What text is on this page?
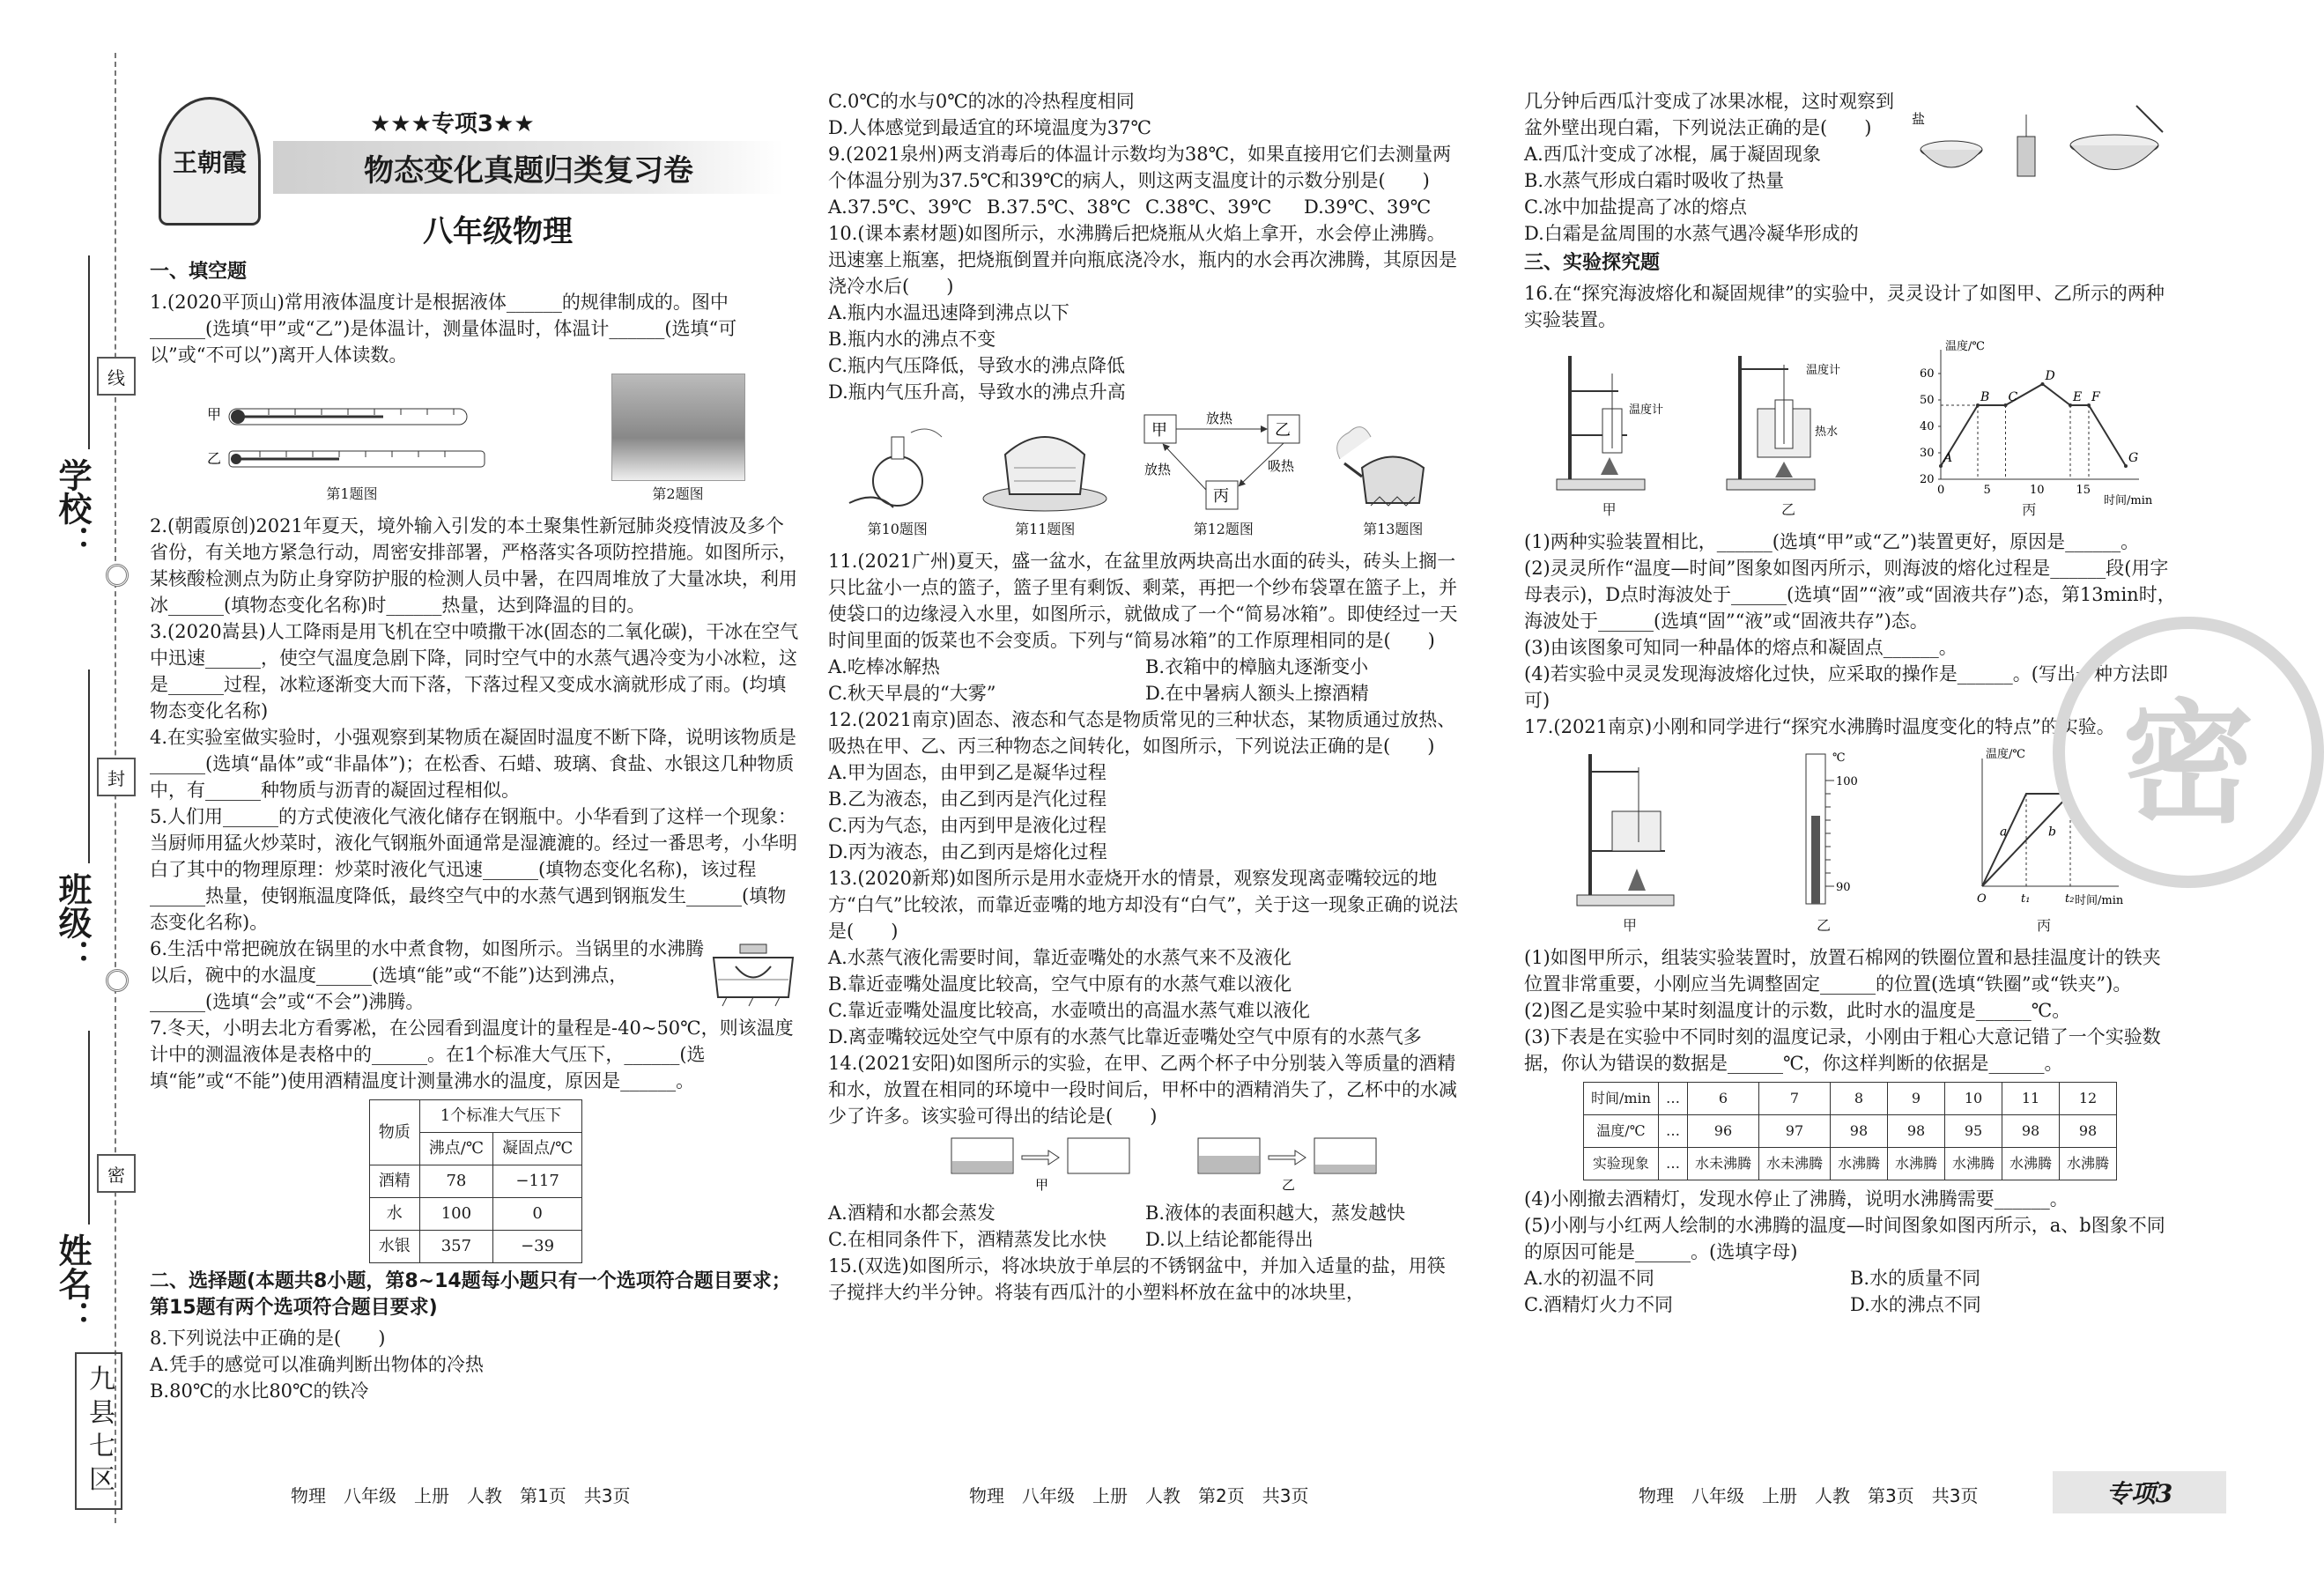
学校：
班级：
姓名：
线
封
密
九县七区
王朝霞
★★★专项3★★
物态变化真题归类复习卷
八年级物理
一、填空题

1.(2020平顶山)常用液体温度计是根据液体______的规律制成的。图中______(选填“甲”或“乙”)是体温计，测量体温时，体温计______(选填“可以”或“不可以”)离开人体读数。

甲
乙
第1题图	第2题图

2.(朝霞原创)2021年夏天，境外输入引发的本土聚集性新冠肺炎疫情波及多个省份，有关地方紧急行动，周密安排部署，严格落实各项防控措施。如图所示，某核酸检测点为防止身穿防护服的检测人员中暑，在四周堆放了大量冰块，利用冰______(填物态变化名称)时______热量，达到降温的目的。

3.(2020嵩县)人工降雨是用飞机在空中喷撒干冰(固态的二氧化碳)，干冰在空气中迅速______，使空气温度急剧下降，同时空气中的水蒸气遇冷变为小冰粒，这是______过程，冰粒逐渐变大而下落，下落过程又变成水滴就形成了雨。(均填物态变化名称)

4.在实验室做实验时，小强观察到某物质在凝固时温度不断下降，说明该物质是______(选填“晶体”或“非晶体”)；在松香、石蜡、玻璃、食盐、水银这几种物质中，有______种物质与沥青的凝固过程相似。

5.人们用______的方式使液化气液化储存在钢瓶中。小华看到了这样一个现象：当厨师用猛火炒菜时，液化气钢瓶外面通常是湿漉漉的。经过一番思考，小华明白了其中的物理原理：炒菜时液化气迅速______(填物态变化名称)，该过程______热量，使钢瓶温度降低，最终空气中的水蒸气遇到钢瓶发生______(填物态变化名称)。

6.生活中常把碗放在锅里的水中煮食物，如图所示。当锅里的水沸腾以后，碗中的水温度______(选填“能”或“不能”)达到沸点，______(选填“会”或“不会”)沸腾。

7.冬天，小明去北方看雾凇，在公园看到温度计的量程是-40~50℃，则该温度计中的测温液体是表格中的______。在1个标准大气压下，______(选填“能”或“不能”)使用酒精温度计测量沸水的温度，原因是______。

物质	1个标准大气压下	
	沸点/℃	凝固点/℃
酒精	78	−117
水	100	0
水银	357	−39
二、选择题(本题共8小题，第8~14题每小题只有一个选项符合题目要求；第15题有两个选项符合题目要求)

8.下列说法中正确的是(　　)

A.凭手的感觉可以准确判断出物体的冷热

B.80℃的水比80℃的铁冷

C.0℃的水与0℃的冰的冷热程度相同

D.人体感觉到最适宜的环境温度为37℃

9.(2021泉州)两支消毒后的体温计示数均为38℃，如果直接用它们去测量两个体温分别为37.5℃和39℃的病人，则这两支温度计的示数分别是(　　)

A.37.5℃、39℃ B.37.5℃、38℃ C.38℃、39℃	D.39℃、39℃

10.(课本素材题)如图所示，水沸腾后把烧瓶从火焰上拿开，水会停止沸腾。迅速塞上瓶塞，把烧瓶倒置并向瓶底浇冷水，瓶内的水会再次沸腾，其原因是浇冷水后(　　)

A.瓶内水温迅速降到沸点以下

B.瓶内水的沸点不变

C.瓶内气压降低，导致水的沸点降低

D.瓶内气压升高，导致水的沸点升高

第10题图	第11题图
甲	乙
丙
放热
吸热
放热
第12题图	第13题图

11.(2021广州)夏天，盛一盆水，在盆里放两块高出水面的砖头，砖头上搁一只比盆小一点的篮子，篮子里有剩饭、剩菜，再把一个纱布袋罩在篮子上，并使袋口的边缘浸入水里，如图所示，就做成了一个“简易冰箱”。即使经过一天时间里面的饭菜也不会变质。下列与“简易冰箱”的工作原理相同的是(　　)

A.吃棒冰解热	B.衣箱中的樟脑丸逐渐变小
C.秋天早晨的“大雾”	D.在中暑病人额头上擦酒精

12.(2021南京)固态、液态和气态是物质常见的三种状态，某物质通过放热、吸热在甲、乙、丙三种物态之间转化，如图所示，下列说法正确的是(　　)

A.甲为固态，由甲到乙是凝华过程

B.乙为液态，由乙到丙是汽化过程

C.丙为气态，由丙到甲是液化过程

D.丙为液态，由乙到丙是熔化过程

13.(2020新郑)如图所示是用水壶烧开水的情景，观察发现离壶嘴较远的地方“白气”比较浓，而靠近壶嘴的地方却没有“白气”，关于这一现象正确的说法是(　　)

A.水蒸气液化需要时间，靠近壶嘴处的水蒸气来不及液化

B.靠近壶嘴处温度比较高，空气中原有的水蒸气难以液化

C.靠近壶嘴处温度比较高，水壶喷出的高温水蒸气难以液化

D.离壶嘴较远处空气中原有的水蒸气比靠近壶嘴处空气中原有的水蒸气多

14.(2021安阳)如图所示的实验，在甲、乙两个杯子中分别装入等质量的酒精和水，放置在相同的环境中一段时间后，甲杯中的酒精消失了，乙杯中的水减少了许多。该实验可得出的结论是(　　)

甲	乙
A.酒精和水都会蒸发	B.液体的表面积越大，蒸发越快
C.在相同条件下，酒精蒸发比水快	D.以上结论都能得出

15.(双选)如图所示，将冰块放于单层的不锈钢盆中，并加入适量的盐，用筷子搅拌大约半分钟。将装有西瓜汁的小塑料杯放在盆中的冰块里，

几分钟后西瓜汁变成了冰果冰棍，这时观察到盆外壁出现白霜，下列说法正确的是(　　)

A.西瓜汁变成了冰棍，属于凝固现象

B.水蒸气形成白霜时吸收了热量

C.冰中加盐提高了冰的熔点

D.白霜是盆周围的水蒸气遇冷凝华形成的

盐
三、实验探究题

16.在“探究海波熔化和凝固规律”的实验中，灵灵设计了如图甲、乙所示的两种实验装置。

温度计
甲
温度计
热水
乙
温度/℃
时间/min
20
30
40
50
60
0	5	10	15
A
B C
D
E F
G
丙

(1)两种实验装置相比，______(选填“甲”或“乙”)装置更好，原因是______。

(2)灵灵所作“温度—时间”图象如图丙所示，则海波的熔化过程是______段(用字母表示)，D点时海波处于______(选填“固”“液”或“固液共存”)态，第13min时，海波处于______(选填“固”“液”或“固液共存”)态。

(3)由该图象可知同一种晶体的熔点和凝固点______。

(4)若实验中灵灵发现海波熔化过快，应采取的操作是______。(写出一种方法即可)

17.(2021南京)小刚和同学进行“探究水沸腾时温度变化的特点”的实验。

甲
℃
100
90
乙
温度/℃
时间/min
O	t₁	t₂
a	b
丙

(1)如图甲所示，组装实验装置时，放置石棉网的铁圈位置和悬挂温度计的铁夹位置非常重要，小刚应当先调整固定______的位置(选填“铁圈”或“铁夹”)。

(2)图乙是实验中某时刻温度计的示数，此时水的温度是______℃。

(3)下表是在实验中不同时刻的温度记录，小刚由于粗心大意记错了一个实验数据，你认为错误的数据是______℃，你这样判断的依据是______。

时间/min	…	6	7	8	9	10	11	12
温度/℃	…	96	97	98	98	95	98	98
实验现象	…	水未沸腾	水未沸腾	水沸腾	水沸腾	水沸腾	水沸腾	水沸腾

(4)小刚撤去酒精灯，发现水停止了沸腾，说明水沸腾需要______。

(5)小刚与小红两人绘制的水沸腾的温度—时间图象如图丙所示，a、b图象不同的原因可能是______。(选填字母)

A.水的初温不同	B.水的质量不同
C.酒精灯火力不同	D.水的沸点不同
密
物理　八年级　上册　人教　第1页　共3页	物理　八年级　上册　人教　第2页　共3页	物理　八年级　上册　人教　第3页　共3页	专项3
